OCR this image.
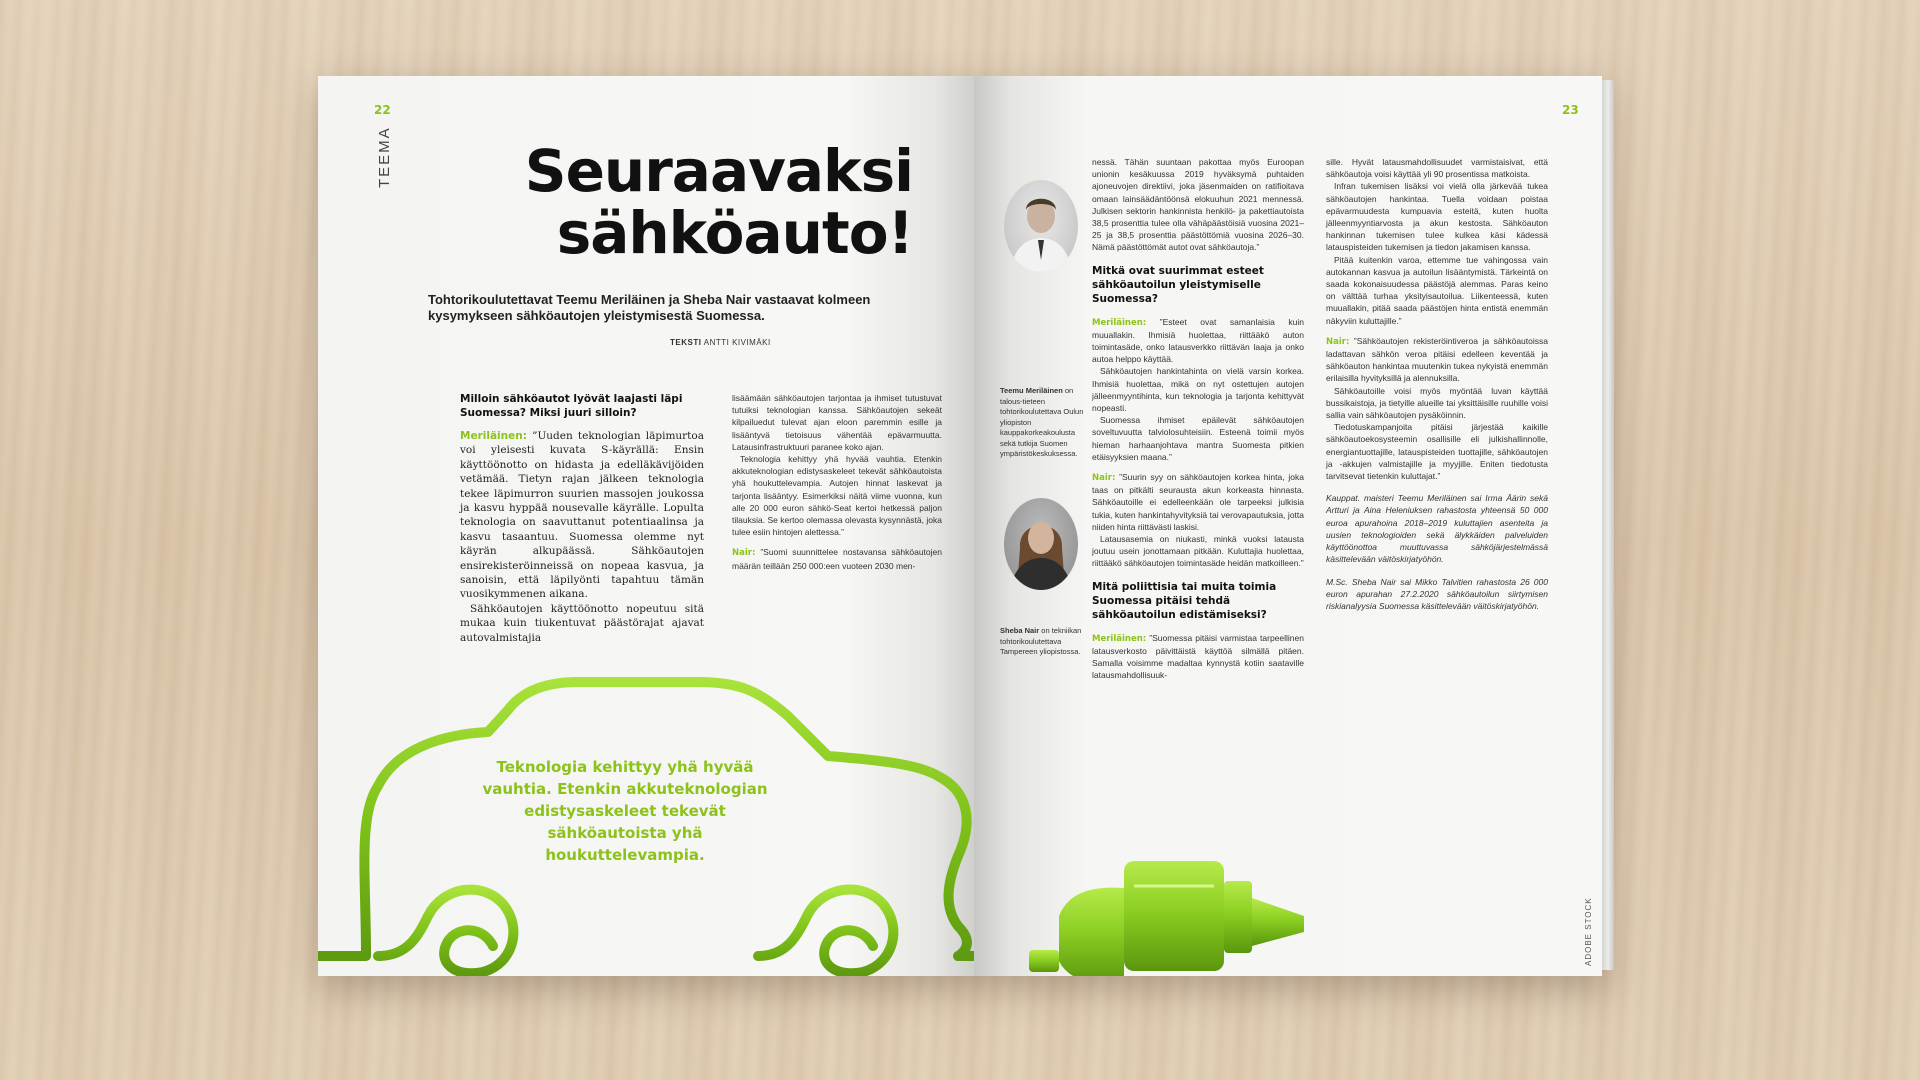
22
TEEMA	Seuraavaksi
sähköauto!
Tohtorikoulutettavat Teemu Meriläinen ja Sheba Nair vastaavat kolmeen kysymykseen sähköautojen yleistymisestä Suomessa.
TEKSTI ANTTI KIVIMÄKI
Milloin sähköautot lyövät laajasti läpi Suomessa? Miksi juuri silloin?

Meriläinen: ”Uuden teknologian läpimurtoa voi yleisesti kuvata S-käyrällä: Ensin käyttöönotto on hidasta ja edelläkävijöiden vetämää. Tietyn rajan jälkeen teknologia tekee läpimurron suurien massojen joukossa ja kasvu hyppää nousevalle käyrälle. Lopulta teknologia on saavuttanut potentiaalinsa ja kasvu tasaantuu. Suomessa olemme nyt käyrän alkupäässä. Sähköautojen ensirekisteröinneissä on nopeaa kasvua, ja sanoisin, että läpilyönti tapahtuu tämän vuosikymmenen aikana.

Sähköautojen käyttöönotto nopeutuu sitä mukaa kuin tiukentuvat päästörajat ajavat autovalmistajia

lisäämään sähköautojen tarjontaa ja ihmiset tutustuvat tutuiksi teknologian kanssa. Sähköautojen sekeät kilpailuedut tulevat ajan eloon paremmin esille ja lisääntyvä tietoisuus vähentää epävarmuutta. Latausinfrastruktuuri paranee koko ajan.

Teknologia kehittyy yhä hyvää vauhtia. Etenkin akkuteknologian edistysaskeleet tekevät sähköautoista yhä houkuttelevampia. Autojen hinnat laskevat ja tarjonta lisääntyy. Esimerkiksi näitä viime vuonna, kun alle 20 000 euron sähkö-Seat kertoi hetkessä paljon tilauksia. Se kertoo olemassa olevasta kysynnästä, joka tulee esiin hintojen alettessa.”

Nair: ”Suomi suunnittelee nostavansa sähköautojen määrän teillään 250 000:een vuoteen 2030 men-

Teknologia kehittyy yhä hyvää vauhtia. Etenkin akkuteknologian edistysaskeleet tekevät sähköautoista yhä houkuttelevampia.
23
Teemu Meriläinen on talous-tieteen tohtorikoulutettava Oulun yliopiston kauppakorkeakoulusta sekä tutkija Suomen ympäristökeskuksessa.
Sheba Nair on tekniikan tohtorikoulutettava Tampereen yliopistossa.

nessä. Tähän suuntaan pakottaa myös Euroopan unionin kesäkuussa 2019 hyväksymä puhtaiden ajoneuvojen direktiivi, joka jäsenmaiden on ratifioitava omaan lainsäädäntöönsä elokuuhun 2021 mennessä. Julkisen sektorin hankinnista henkilö- ja pakettiautoista 38,5 prosenttia tulee olla vähäpäästöisiä vuosina 2021–25 ja 38,5 prosenttia päästöttömiä vuosina 2026–30. Nämä päästöttömät autot ovat sähköautoja.”

Mitkä ovat suurimmat esteet sähköautoilun yleistymiselle Suomessa?

Meriläinen: ”Esteet ovat samanlaisia kuin muuallakin. Ihmisiä huolettaa, riittääkö auton toimintasäde, onko latausverkko riittävän laaja ja onko autoa helppo käyttää.

Sähköautojen hankintahinta on vielä varsin korkea. Ihmisiä huolettaa, mikä on nyt ostettujen autojen jälleenmyyntihinta, kun teknologia ja tarjonta kehittyvät nopeasti.

Suomessa ihmiset epäilevät sähköautojen soveltuvuutta talviolosuhteisiin. Esteenä toimii myös hieman harhaanjohtava mantra Suomesta pitkien etäisyyksien maana.”

Nair: ”Suurin syy on sähköautojen korkea hinta, joka taas on pitkälti seurausta akun korkeasta hinnasta. Sähköautoille ei edelleenkään ole tarpeeksi julkisia tukia, kuten hankintahyvityksiä tai verovapautuksia, jotta niiden hinta riittävästi laskisi.

Latausasemia on niukasti, minkä vuoksi latausta joutuu usein jonottamaan pitkään. Kuluttajia huolettaa, riittääkö sähköautojen toimintasäde heidän matkoilleen.”

Mitä poliittisia tai muita toimia Suomessa pitäisi tehdä sähköautoilun edistämiseksi?

Meriläinen: ”Suomessa pitäisi varmistaa tarpeellinen latausverkosto päivittäistä käyttöä silmällä pitäen. Samalla voisimme madaltaa kynnystä kotiin saataville latausmahdollisuuk-

sille. Hyvät latausmahdollisuudet varmistaisivat, että sähköautoja voisi käyttää yli 90 prosentissa matkoista.

Infran tukemisen lisäksi voi vielä olla järkevää tukea sähköautojen hankintaa. Tuella voidaan poistaa epävarmuudesta kumpuavia esteitä, kuten huolta jälleenmyyntiarvosta ja akun kestosta. Sähköauton hankinnan tukemisen tulee kulkea käsi kädessä latauspisteiden tukemisen ja tiedon jakamisen kanssa.

Pitää kuitenkin varoa, ettemme tue vahingossa vain autokannan kasvua ja autoilun lisääntymistä. Tärkeintä on saada kokonaisuudessa päästöjä alemmas. Paras keino on välttää turhaa yksityisautoilua. Liikenteessä, kuten muuallakin, pitää saada päästöjen hinta entistä enemmän näkyviin kuluttajille.”

Nair: ”Sähköautojen rekisteröintiveroa ja sähköautoissa ladattavan sähkön veroa pitäisi edelleen keventää ja sähköauton hankintaa muutenkin tukea nykyistä enemmän erilaisilla hyvityksillä ja alennuksilla.

Sähköautoille voisi myös myöntää luvan käyttää bussikaistoja, ja tietyille alueille tai yksittäisille ruuhille voisi sallia vain sähköautojen pysäköinnin.

Tiedotuskampanjoita pitäisi järjestää kaikille sähköautoekosysteemin osallisille eli julkishallinnolle, energiantuottajille, latauspisteiden tuottajille, sähköautojen ja -akkujen valmistajille ja myyjille. Eniten tiedotusta tarvitsevat tietenkin kuluttajat.”

Kauppat. maisteri Teemu Meriläinen sai Irma Äärin sekä Artturi ja Aina Heleniuksen rahastosta yhteensä 50 000 euroa apurahoina 2018–2019 kuluttajien asenteita ja uusien teknologioiden sekä älykkäiden palveluiden käyttöönottoa muuttuvassa sähköjärjestelmässä käsittelevään väitöskirjatyöhön.

M.Sc. Sheba Nair sai Mikko Talvitien rahastosta 26 000 euron apurahan 27.2.2020 sähköautoilun siirtymisen riskianalyysia Suomessa käsittelevään väitöskirjatyöhön.

ADOBE STOCK
